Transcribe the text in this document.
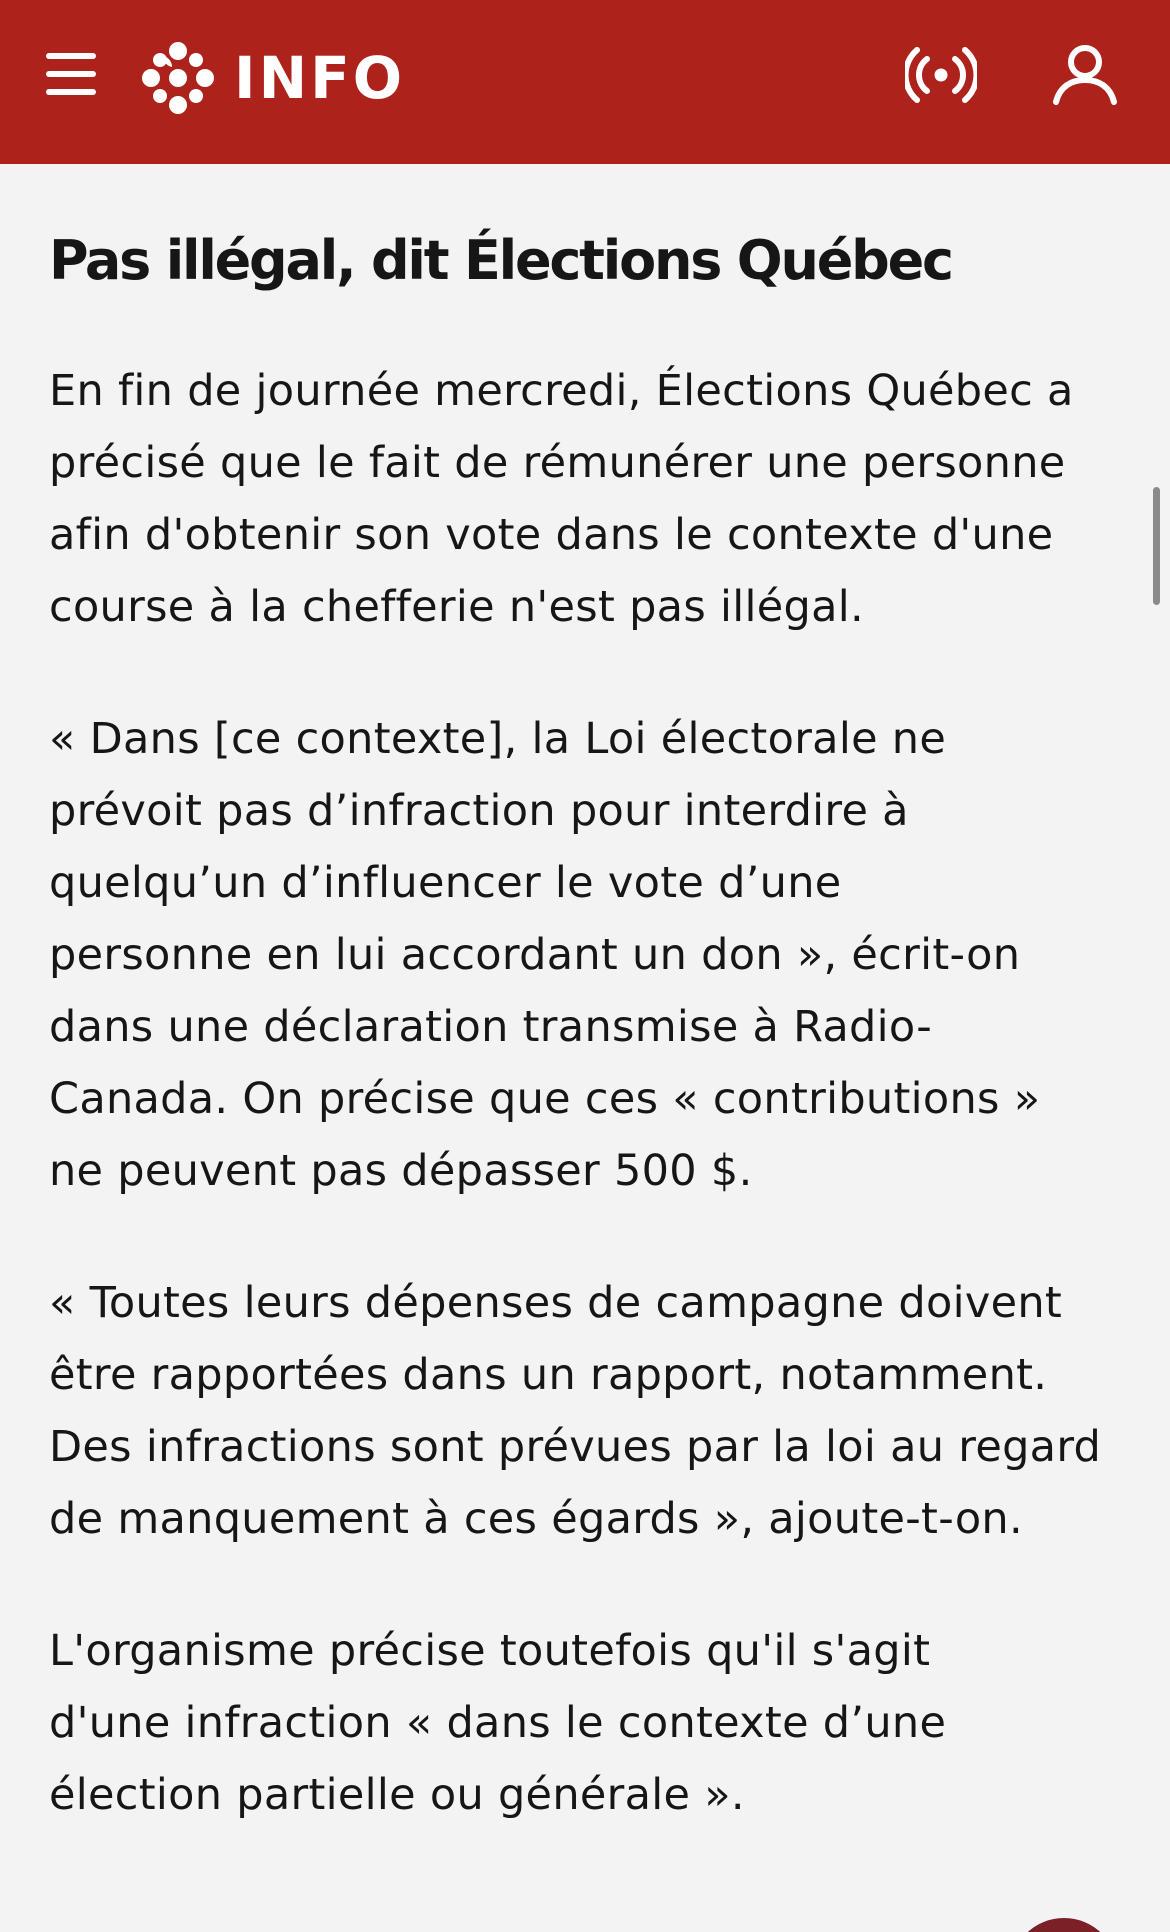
INFO
Pas illégal, dit Élections Québec

En fin de journée mercredi, Élections Québec a précisé que le fait de rémunérer une personne afin d'obtenir son vote dans le contexte d'une course à la chefferie n'est pas illégal.

« Dans [ce contexte], la Loi électorale ne prévoit pas d’infraction pour interdire à quelqu’un d’influencer le vote d’une personne en lui accordant un don », écrit-on dans une déclaration transmise à Radio-Canada. On précise que ces « contributions » ne peuvent pas dépasser 500 $.

« Toutes leurs dépenses de campagne doivent être rapportées dans un rapport, notamment. Des infractions sont prévues par la loi au regard de manquement à ces égards », ajoute-t-on.

L'organisme précise toutefois qu'il s'agit d'une infraction « dans le contexte d’une élection partielle ou générale ».
